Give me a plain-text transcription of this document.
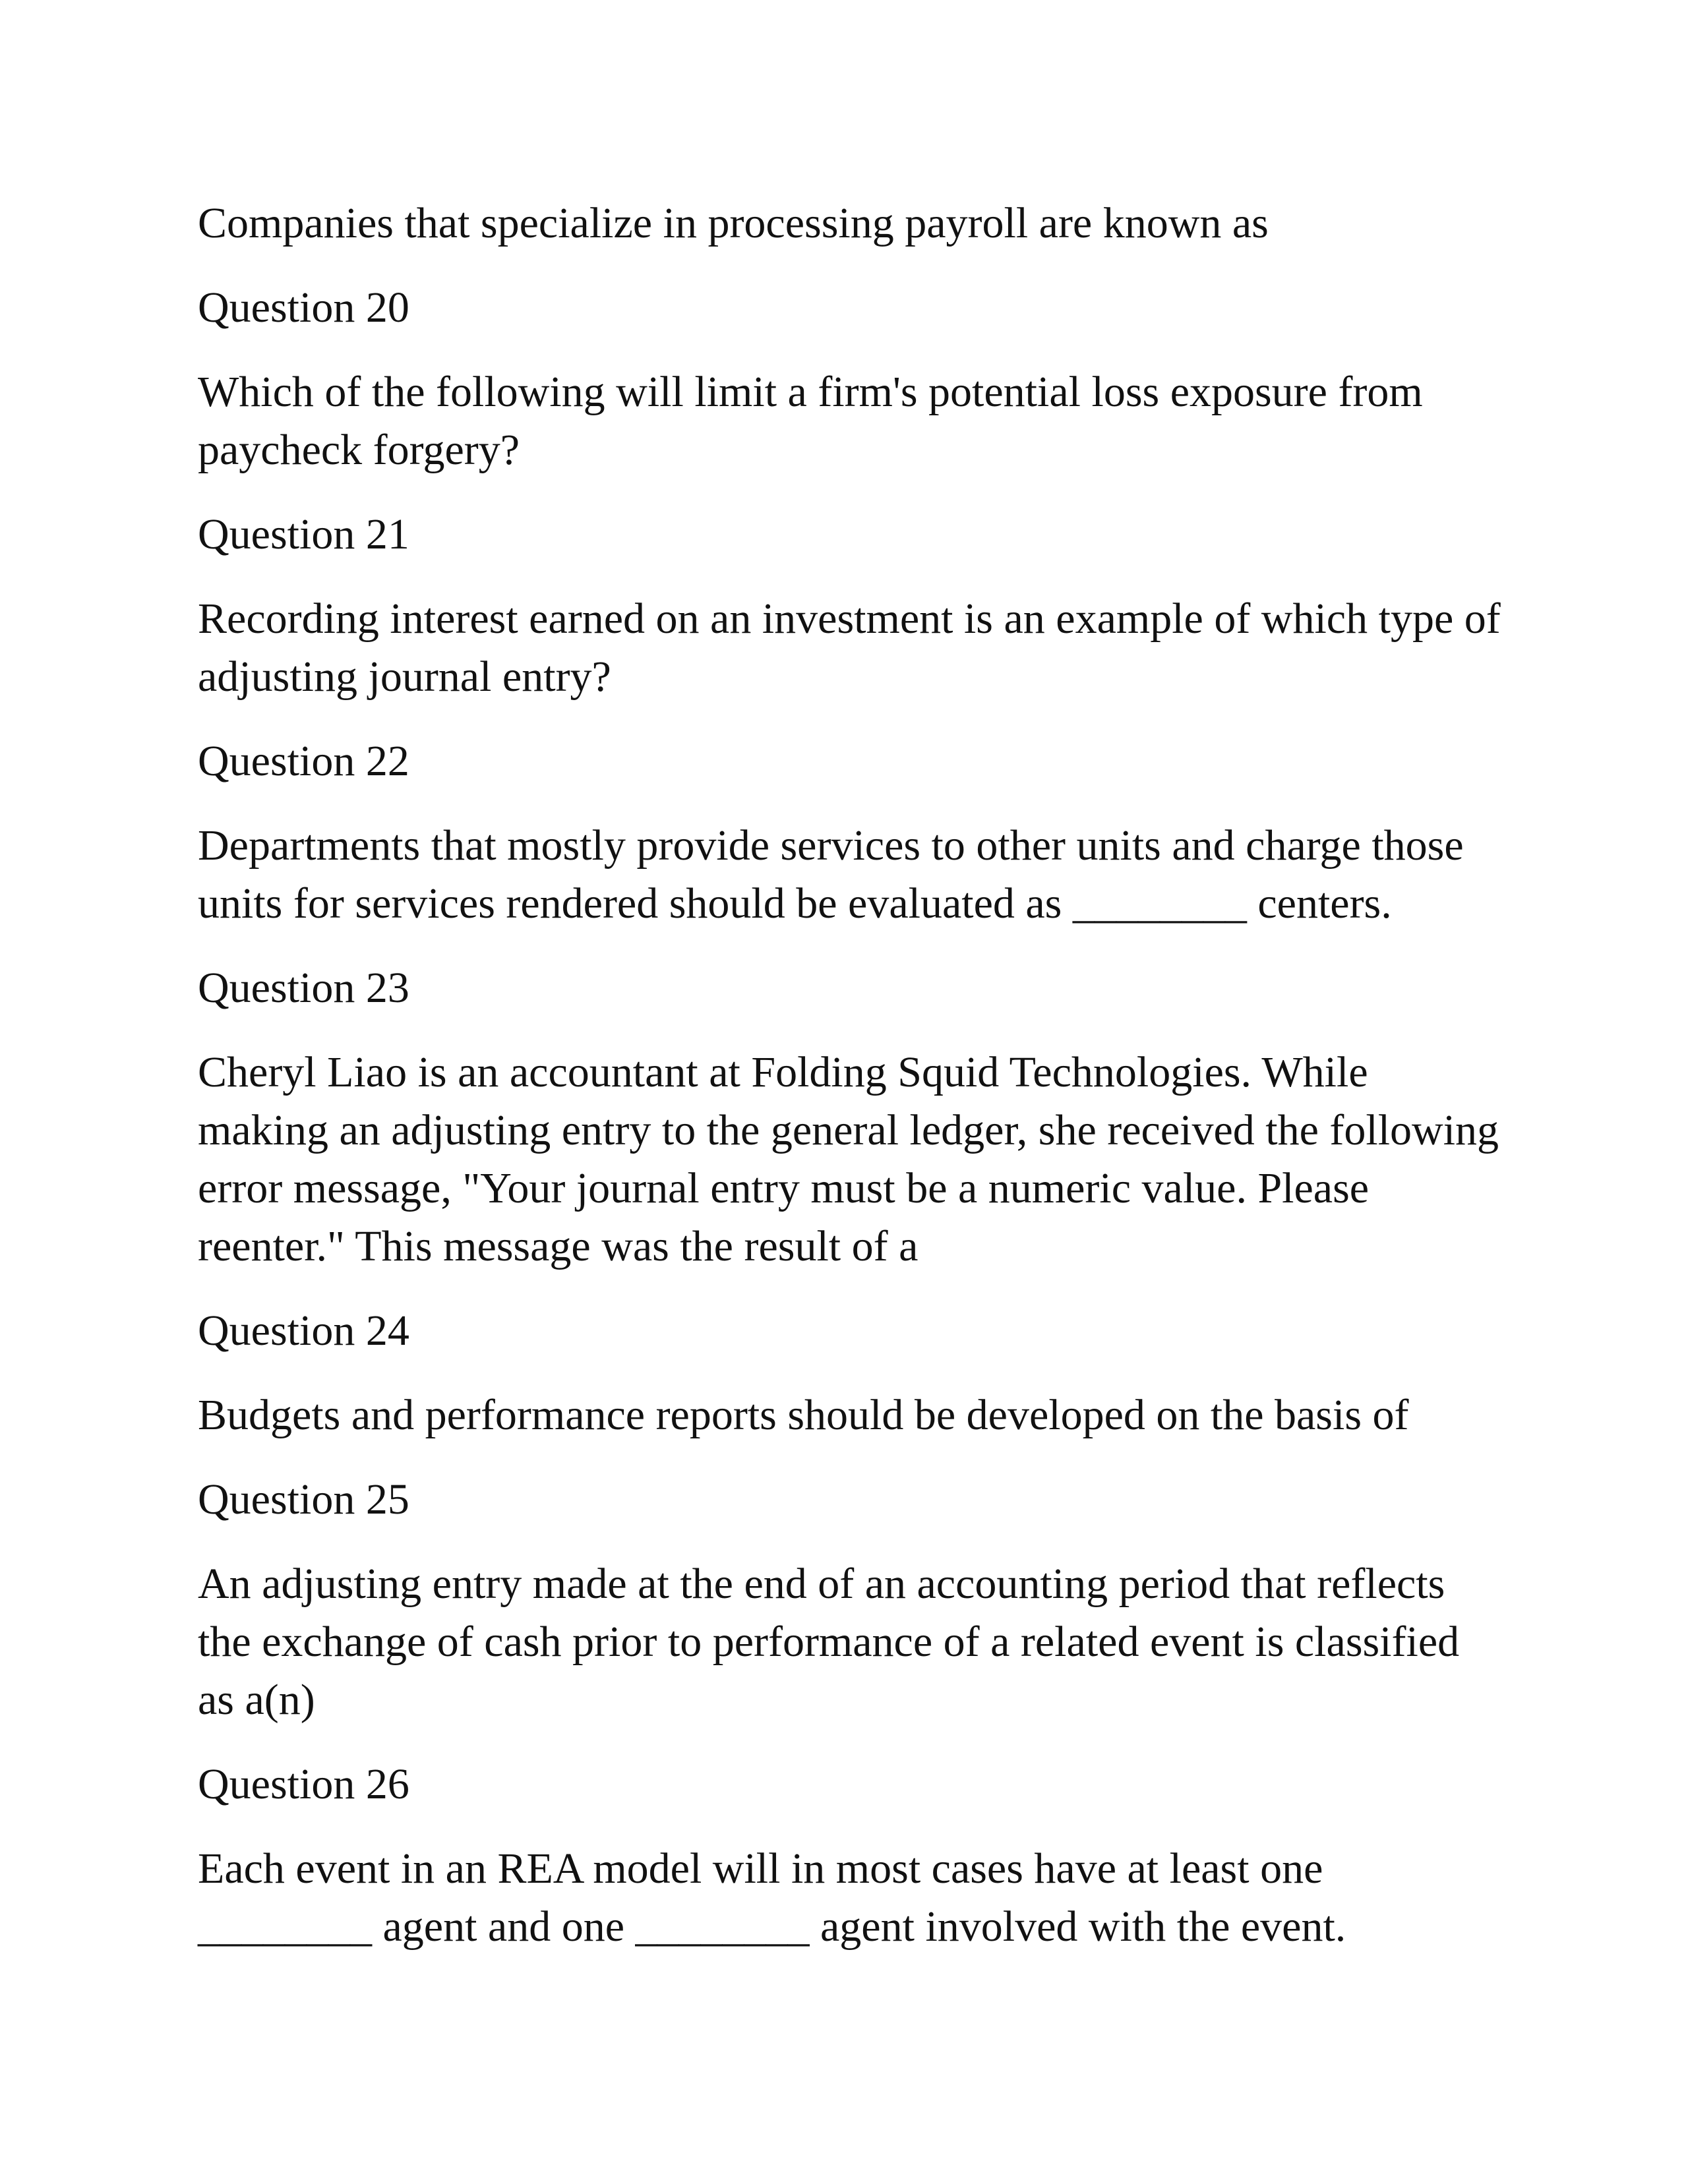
Companies that specialize in processing payroll are known as

Question 20

Which of the following will limit a firm's potential loss exposure from paycheck forgery?

Question 21

Recording interest earned on an investment is an example of which type of adjusting journal entry?

Question 22

Departments that mostly provide services to other units and charge those units for services rendered should be evaluated as ________ centers.

Question 23

Cheryl Liao is an accountant at Folding Squid Technologies. While making an adjusting entry to the general ledger, she received the following error message, "Your journal entry must be a numeric value. Please reenter." This message was the result of a

Question 24

Budgets and performance reports should be developed on the basis of

Question 25

An adjusting entry made at the end of an accounting period that reflects the exchange of cash prior to performance of a related event is classified as a(n)

Question 26

Each event in an REA model will in most cases have at least one ________ agent and one ________ agent involved with the event.
